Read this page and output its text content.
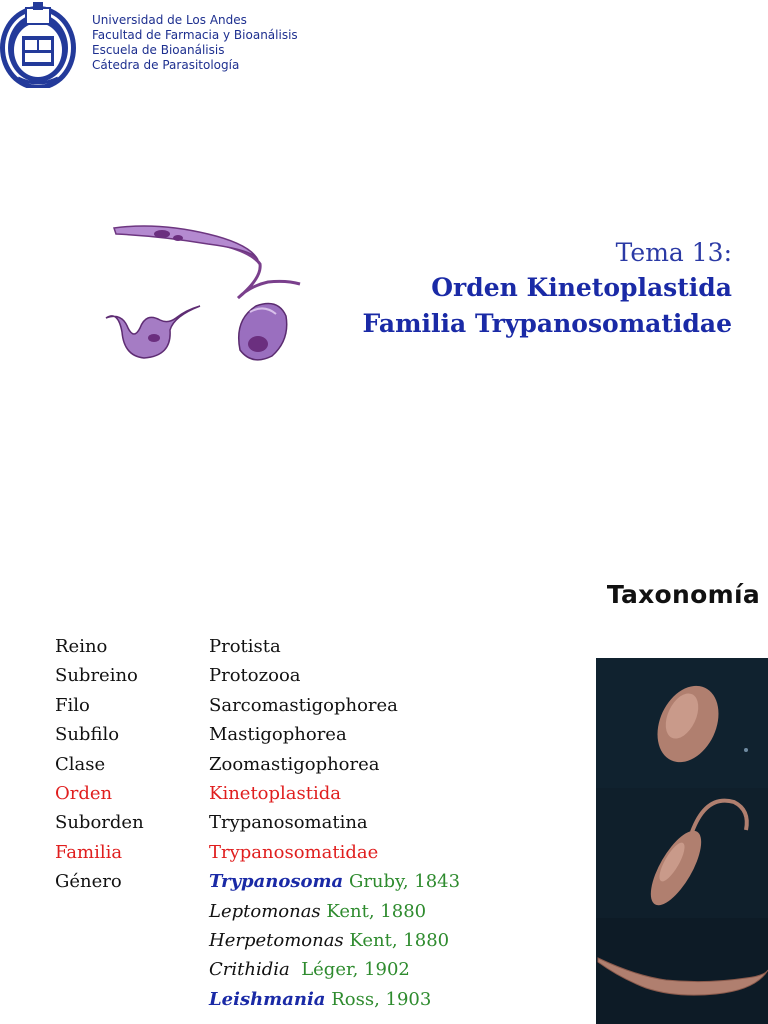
Universidad de Los Andes
Facultad de Farmacia y Bioanálisis
Escuela de Bioanálisis
Cátedra de Parasitología
Tema 13:
Orden Kinetoplastida
Familia Trypanosomatidae
Taxonomía
Reino	Protista
Subreino	Protozooa
Filo	Sarcomastigophorea
Subfilo	Mastigophorea
Clase	Zoomastigophorea
Orden	Kinetoplastida
Suborden	Trypanosomatina
Familia	Trypanosomatidae
Género	Trypanosoma Gruby, 1843
Leptomonas Kent, 1880
Herpetomonas Kent, 1880
Crithidia Léger, 1902
Leishmania Ross, 1903
